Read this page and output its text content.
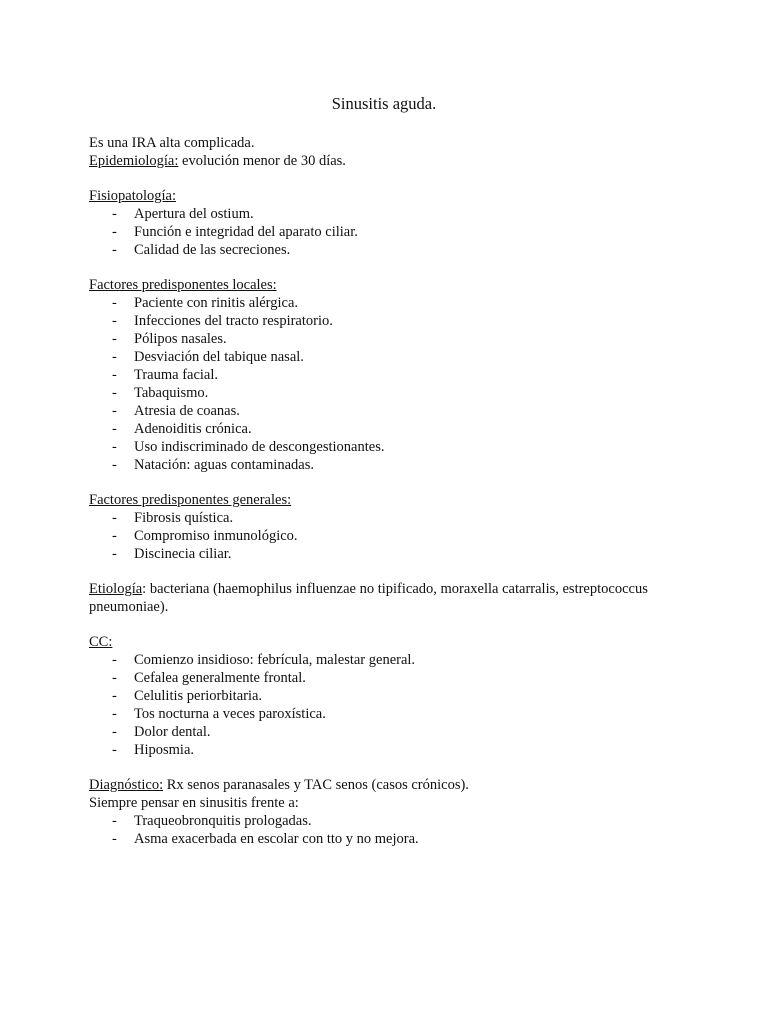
Sinusitis aguda.

Es una IRA alta complicada.

Epidemiología: evolución menor de 30 días.

Fisiopatología:

- Apertura del ostium.
- Función e integridad del aparato ciliar.
- Calidad de las secreciones.

Factores predisponentes locales:

- Paciente con rinitis alérgica.
- Infecciones del tracto respiratorio.
- Pólipos nasales.
- Desviación del tabique nasal.
- Trauma facial.
- Tabaquismo.
- Atresia de coanas.
- Adenoiditis crónica.
- Uso indiscriminado de descongestionantes.
- Natación: aguas contaminadas.

Factores predisponentes generales:

- Fibrosis quística.
- Compromiso inmunológico.
- Discinecia ciliar.

Etiología: bacteriana (haemophilus influenzae no tipificado, moraxella catarralis, estreptococcus pneumoniae).

CC:

- Comienzo insidioso: febrícula, malestar general.
- Cefalea generalmente frontal.
- Celulitis periorbitaria.
- Tos nocturna a veces paroxística.
- Dolor dental.
- Hiposmia.

Diagnóstico: Rx senos paranasales y TAC senos (casos crónicos).

Siempre pensar en sinusitis frente a:

- Traqueobronquitis prologadas.
- Asma exacerbada en escolar con tto y no mejora.
